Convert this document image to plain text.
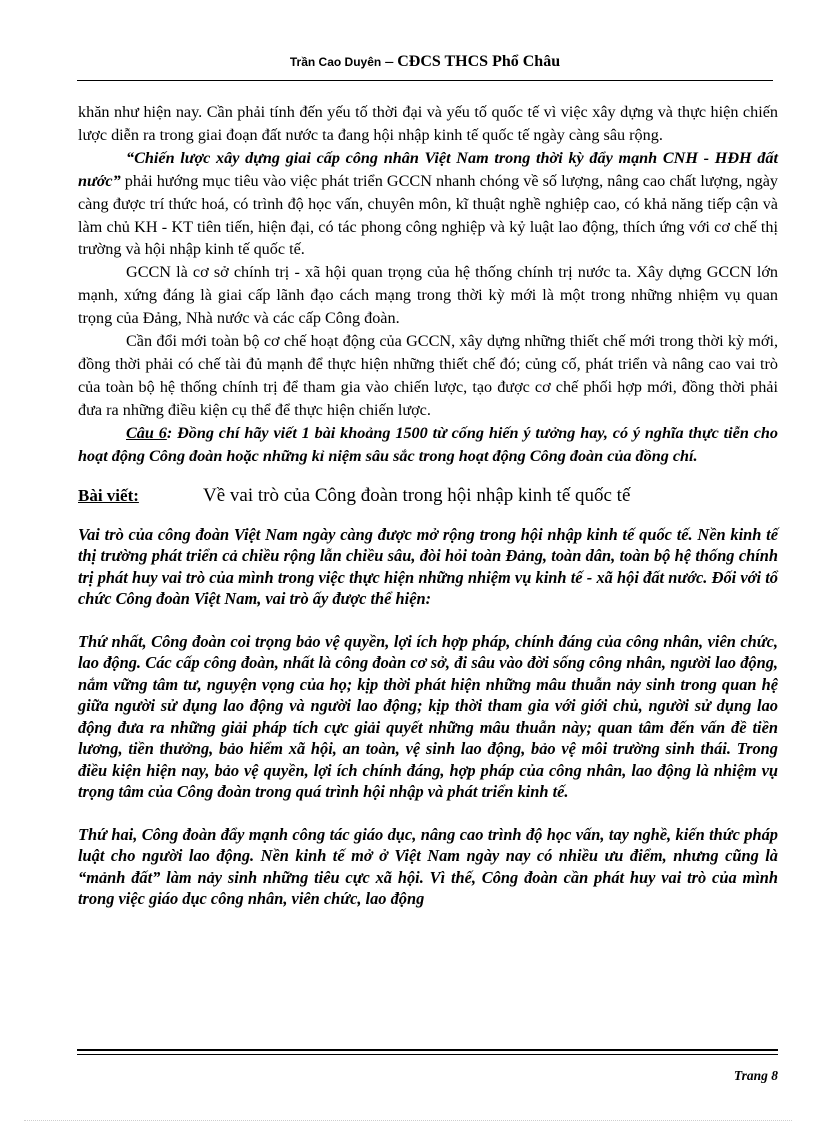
Trần Cao Duyên – CĐCS THCS Phổ Châu

khăn như hiện nay. Cần phải tính đến yếu tố thời đại và yếu tố quốc tế vì việc xây dựng và thực hiện chiến lược diễn ra trong giai đoạn đất nước ta đang hội nhập kinh tế quốc tế ngày càng sâu rộng.

“Chiến lược xây dựng giai cấp công nhân Việt Nam trong thời kỳ đẩy mạnh CNH - HĐH đất nước” phải hướng mục tiêu vào việc phát triển GCCN nhanh chóng về số lượng, nâng cao chất lượng, ngày càng được trí thức hoá, có trình độ học vấn, chuyên môn, kĩ thuật nghề nghiệp cao, có khả năng tiếp cận và làm chủ KH - KT tiên tiến, hiện đại, có tác phong công nghiệp và kỷ luật lao động, thích ứng với cơ chế thị trường và hội nhập kinh tế quốc tế.

GCCN là cơ sở chính trị - xã hội quan trọng của hệ thống chính trị nước ta. Xây dựng GCCN lớn mạnh, xứng đáng là giai cấp lãnh đạo cách mạng trong thời kỳ mới là một trong những nhiệm vụ quan trọng của Đảng, Nhà nước và các cấp Công đoàn.

Cần đổi mới toàn bộ cơ chế hoạt động của GCCN, xây dựng những thiết chế mới trong thời kỳ mới, đồng thời phải có chế tài đủ mạnh để thực hiện những thiết chế đó; củng cố, phát triển và nâng cao vai trò của toàn bộ hệ thống chính trị để tham gia vào chiến lược, tạo được cơ chế phối hợp mới, đồng thời phải đưa ra những điều kiện cụ thể để thực hiện chiến lược.

Câu 6: Đồng chí hãy viết 1 bài khoảng 1500 từ cống hiến ý tưởng hay, có ý nghĩa thực tiễn cho hoạt động Công đoàn hoặc những kỉ niệm sâu sắc trong hoạt động Công đoàn của đồng chí.

Bài viết:	Về vai trò của Công đoàn trong hội nhập kinh tế quốc tế

Vai trò của công đoàn Việt Nam ngày càng được mở rộng trong hội nhập kinh tế quốc tế. Nền kinh tế thị trường phát triển cả chiều rộng lẫn chiều sâu, đòi hỏi toàn Đảng, toàn dân, toàn bộ hệ thống chính trị phát huy vai trò của mình trong việc thực hiện những nhiệm vụ kinh tế - xã hội đất nước. Đối với tổ chức Công đoàn Việt Nam, vai trò ấy được thể hiện:

Thứ nhất, Công đoàn coi trọng bảo vệ quyền, lợi ích hợp pháp, chính đáng của công nhân, viên chức, lao động. Các cấp công đoàn, nhất là công đoàn cơ sở, đi sâu vào đời sống công nhân, người lao động, nắm vững tâm tư, nguyện vọng của họ; kịp thời phát hiện những mâu thuẫn nảy sinh trong quan hệ giữa người sử dụng lao động và người lao động; kịp thời tham gia với giới chủ, người sử dụng lao động đưa ra những giải pháp tích cực giải quyết những mâu thuẫn này; quan tâm đến vấn đề tiền lương, tiền thưởng, bảo hiểm xã hội, an toàn, vệ sinh lao động, bảo vệ môi trường sinh thái. Trong điều kiện hiện nay, bảo vệ quyền, lợi ích chính đáng, hợp pháp của công nhân, lao động là nhiệm vụ trọng tâm của Công đoàn trong quá trình hội nhập và phát triển kinh tế.

Thứ hai, Công đoàn đẩy mạnh công tác giáo dục, nâng cao trình độ học vấn, tay nghề, kiến thức pháp luật cho người lao động. Nền kinh tế mở ở Việt Nam ngày nay có nhiều ưu điểm, nhưng cũng là “mảnh đất” làm nảy sinh những tiêu cực xã hội. Vì thế, Công đoàn cần phát huy vai trò của mình trong việc giáo dục công nhân, viên chức, lao động

Trang 8
